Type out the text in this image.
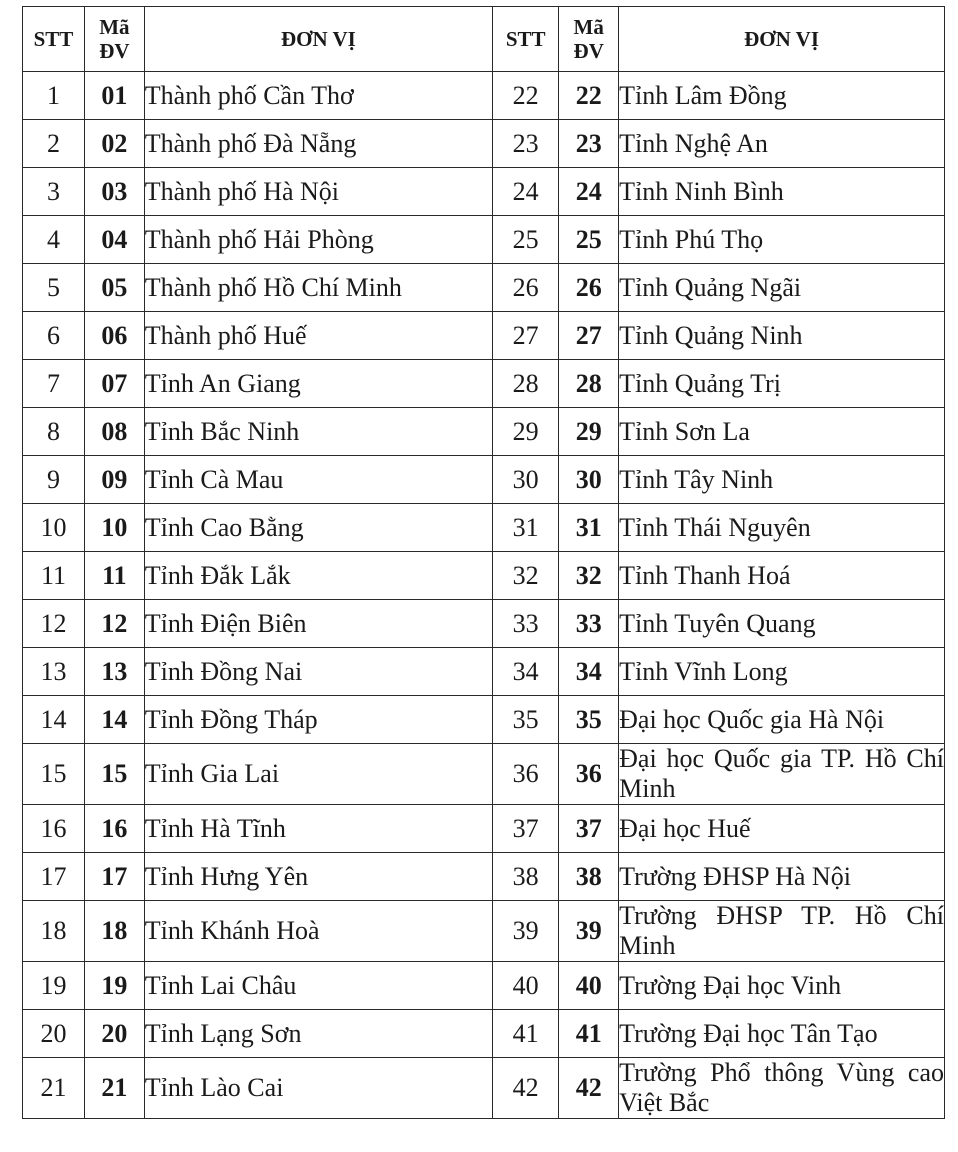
STT	Mã ĐV	ĐƠN VỊ	STT	Mã ĐV	ĐƠN VỊ
1	01	Thành phố Cần Thơ	22	22	Tỉnh Lâm Đồng
2	02	Thành phố Đà Nẵng	23	23	Tỉnh Nghệ An
3	03	Thành phố Hà Nội	24	24	Tỉnh Ninh Bình
4	04	Thành phố Hải Phòng	25	25	Tỉnh Phú Thọ
5	05	Thành phố Hồ Chí Minh	26	26	Tỉnh Quảng Ngãi
6	06	Thành phố Huế	27	27	Tỉnh Quảng Ninh
7	07	Tỉnh An Giang	28	28	Tỉnh Quảng Trị
8	08	Tỉnh Bắc Ninh	29	29	Tỉnh Sơn La
9	09	Tỉnh Cà Mau	30	30	Tỉnh Tây Ninh
10	10	Tỉnh Cao Bằng	31	31	Tỉnh Thái Nguyên
11	11	Tỉnh Đắk Lắk	32	32	Tỉnh Thanh Hoá
12	12	Tỉnh Điện Biên	33	33	Tỉnh Tuyên Quang
13	13	Tỉnh Đồng Nai	34	34	Tỉnh Vĩnh Long
14	14	Tỉnh Đồng Tháp	35	35	Đại học Quốc gia Hà Nội
15	15	Tỉnh Gia Lai	36	36	Đại học Quốc gia TP. Hồ Chí Minh
16	16	Tỉnh Hà Tĩnh	37	37	Đại học Huế
17	17	Tỉnh Hưng Yên	38	38	Trường ĐHSP Hà Nội
18	18	Tỉnh Khánh Hoà	39	39	Trường ĐHSP TP. Hồ Chí Minh
19	19	Tỉnh Lai Châu	40	40	Trường Đại học Vinh
20	20	Tỉnh Lạng Sơn	41	41	Trường Đại học Tân Tạo
21	21	Tỉnh Lào Cai	42	42	Trường Phổ thông Vùng cao Việt Bắc
